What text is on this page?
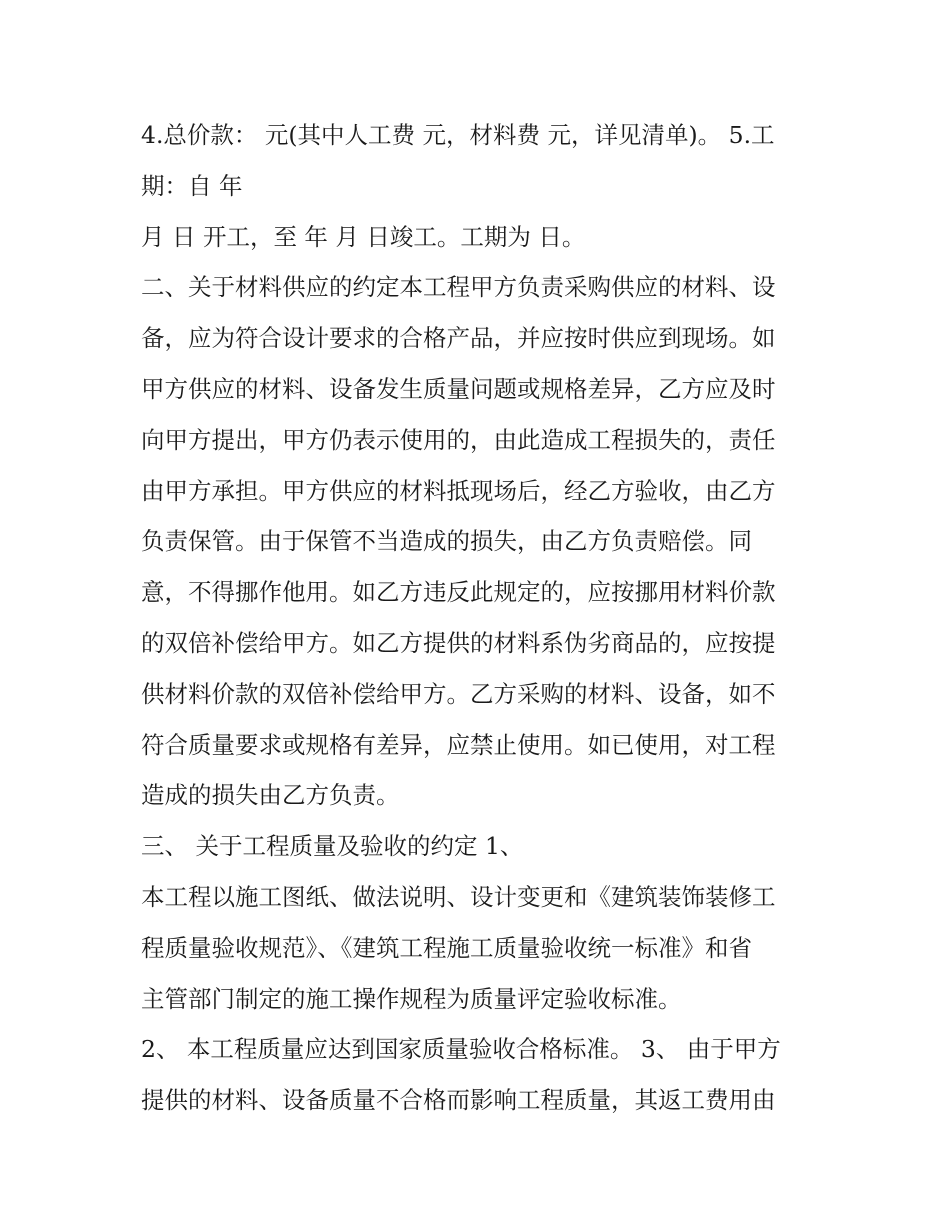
4.总价款： 元(其中人工费 元，材料费 元，详见清单)。 5.工
期：自 年
月 日 开工，至 年 月 日竣工。工期为 日。
二、关于材料供应的约定本工程甲方负责采购供应的材料、设
备，应为符合设计要求的合格产品，并应按时供应到现场。如
甲方供应的材料、设备发生质量问题或规格差异，乙方应及时
向甲方提出，甲方仍表示使用的，由此造成工程损失的，责任
由甲方承担。甲方供应的材料抵现场后，经乙方验收，由乙方
负责保管。由于保管不当造成的损失，由乙方负责赔偿。同
意，不得挪作他用。如乙方违反此规定的，应按挪用材料价款
的双倍补偿给甲方。如乙方提供的材料系伪劣商品的，应按提
供材料价款的双倍补偿给甲方。乙方采购的材料、设备，如不
符合质量要求或规格有差异，应禁止使用。如已使用，对工程
造成的损失由乙方负责。
三、 关于工程质量及验收的约定 1、
本工程以施工图纸、做法说明、设计变更和《建筑装饰装修工
程质量验收规范》、《建筑工程施工质量验收统一标准》和省
主管部门制定的施工操作规程为质量评定验收标准。
2、 本工程质量应达到国家质量验收合格标准。 3、 由于甲方
提供的材料、设备质量不合格而影响工程质量，其返工费用由
